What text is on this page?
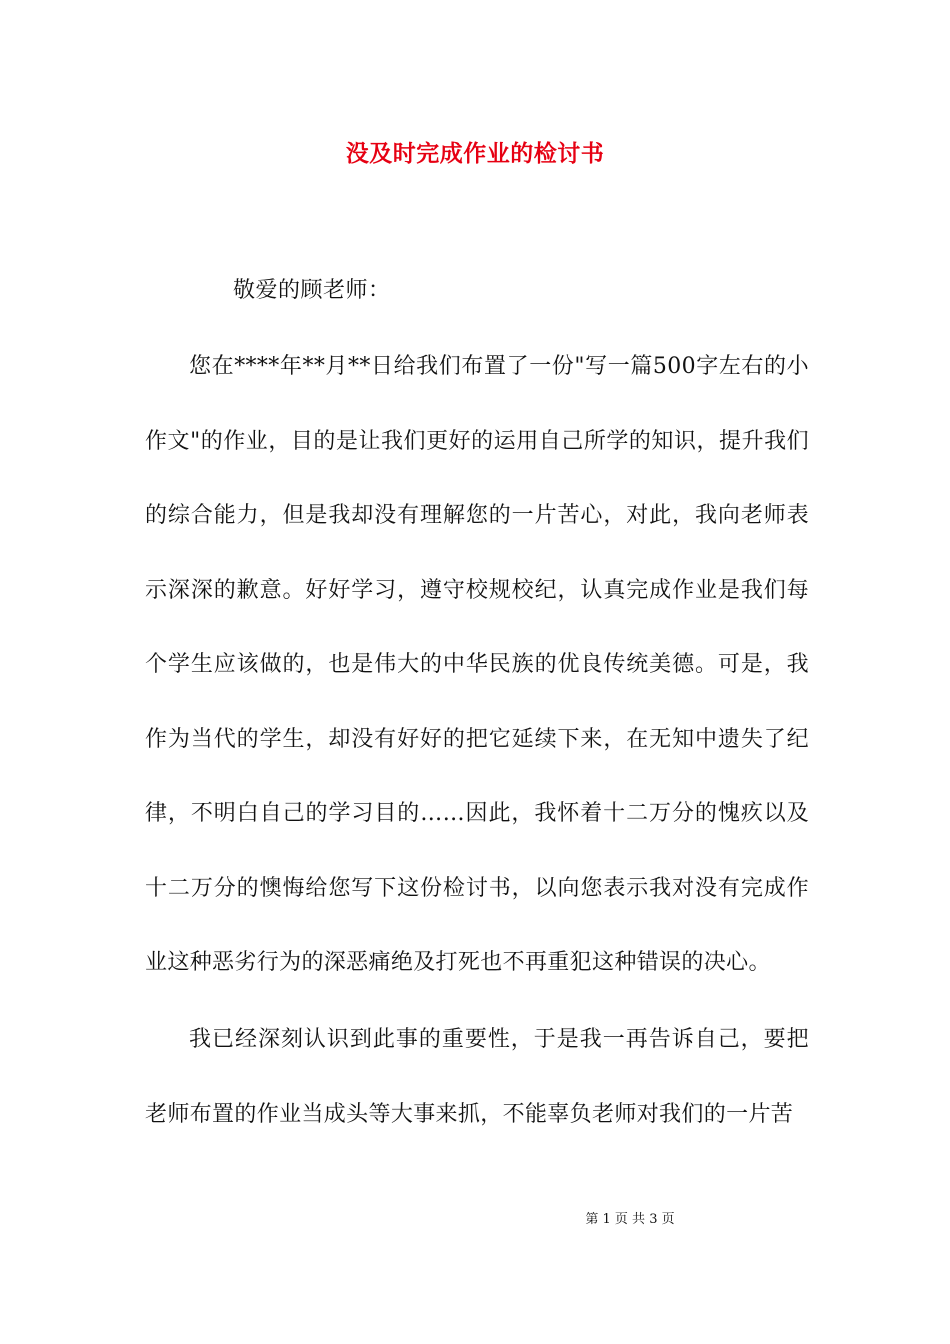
没及时完成作业的检讨书
敬爱的顾老师：

您在****年**月**日给我们布置了一份"写一篇500字左右的小作文"的作业，目的是让我们更好的运用自己所学的知识，提升我们的综合能力，但是我却没有理解您的一片苦心，对此，我向老师表示深深的歉意。好好学习，遵守校规校纪，认真完成作业是我们每个学生应该做的，也是伟大的中华民族的优良传统美德。可是，我作为当代的学生，却没有好好的把它延续下来，在无知中遗失了纪律，不明白自己的学习目的……因此，我怀着十二万分的愧疚以及十二万分的懊悔给您写下这份检讨书，以向您表示我对没有完成作业这种恶劣行为的深恶痛绝及打死也不再重犯这种错误的决心。

我已经深刻认识到此事的重要性，于是我一再告诉自己，要把老师布置的作业当成头等大事来抓，不能辜负老师对我们的一片苦

第 1 页 共 3 页
